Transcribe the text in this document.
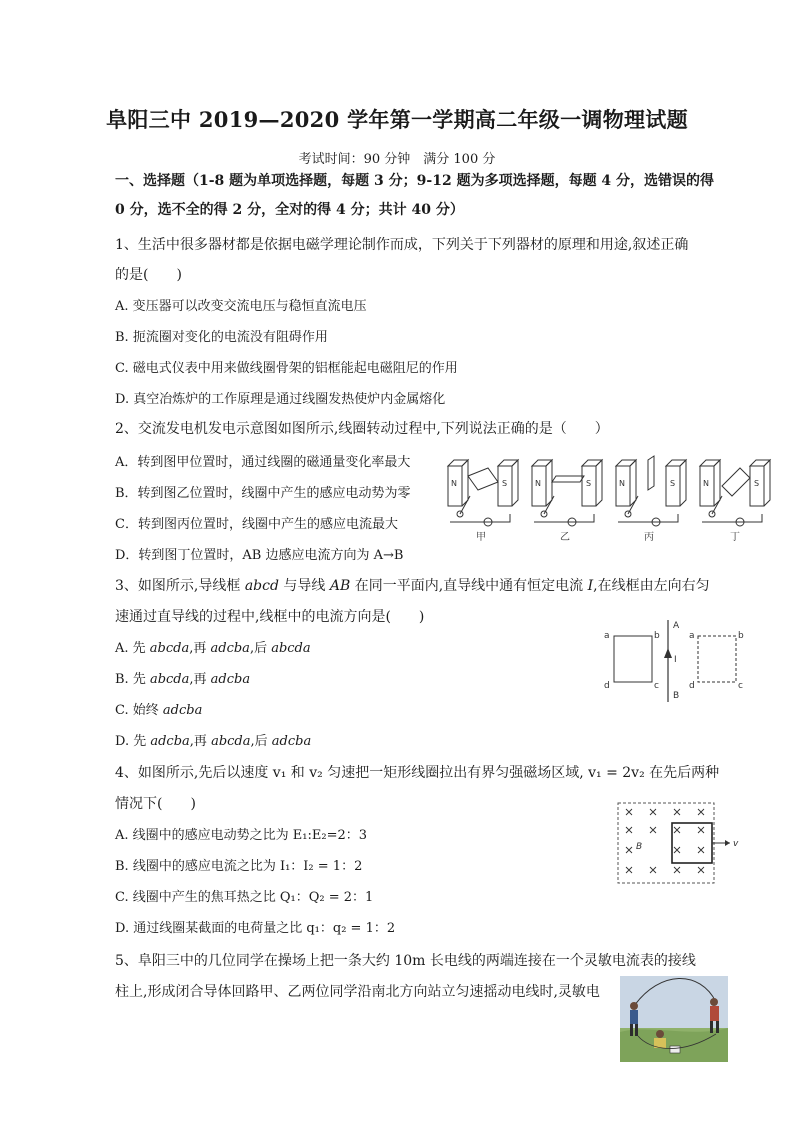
阜阳三中 2019—2020 学年第一学期高二年级一调物理试题
考试时间：90 分钟　满分 100 分
一、选择题（1-8 题为单项选择题，每题 3 分；9-12 题为多项选择题，每题 4 分，选错误的得
0 分，选不全的得 2 分，全对的得 4 分；共计 40 分）
1、生活中很多器材都是依据电磁学理论制作而成，下列关于下列器材的原理和用途,叙述正确
的是(　　)
A. 变压器可以改变交流电压与稳恒直流电压
B. 扼流圈对变化的电流没有阻碍作用
C. 磁电式仪表中用来做线圈骨架的铝框能起电磁阻尼的作用
D. 真空冶炼炉的工作原理是通过线圈发热使炉内金属熔化
2、交流发电机发电示意图如图所示,线圈转动过程中,下列说法正确的是（　　）
A．转到图甲位置时，通过线圈的磁通量变化率最大
B．转到图乙位置时，线圈中产生的感应电动势为零
C．转到图丙位置时，线圈中产生的感应电流最大
D．转到图丁位置时，AB 边感应电流方向为 A→B
N	S	N	S	N	S	N	S
甲	乙	丙	丁
3、如图所示,导线框 abcd 与导线 AB 在同一平面内,直导线中通有恒定电流 I,在线框由左向右匀
速通过直导线的过程中,线框中的电流方向是(　　)
A. 先 abcda,再 adcba,后 abcda
B. 先 abcda,再 adcba
C. 始终 adcba
D. 先 adcba,再 abcda,后 adcba
a	b
d	c
A
B
I
a	b
d	c
4、如图所示,先后以速度 v₁ 和 v₂ 匀速把一矩形线圈拉出有界匀强磁场区域, v₁ = 2v₂ 在先后两种
情况下(　　)
A. 线圈中的感应电动势之比为 E₁:E₂=2：3
B. 线圈中的感应电流之比为 I₁：I₂ = 1：2
C. 线圈中产生的焦耳热之比 Q₁：Q₂ = 2：1
D. 通过线圈某截面的电荷量之比 q₁：q₂ = 1：2
B	v
5、阜阳三中的几位同学在操场上把一条大约 10m 长电线的两端连接在一个灵敏电流表的接线
柱上,形成闭合导体回路甲、乙两位同学沿南北方向站立匀速摇动电线时,灵敏电
